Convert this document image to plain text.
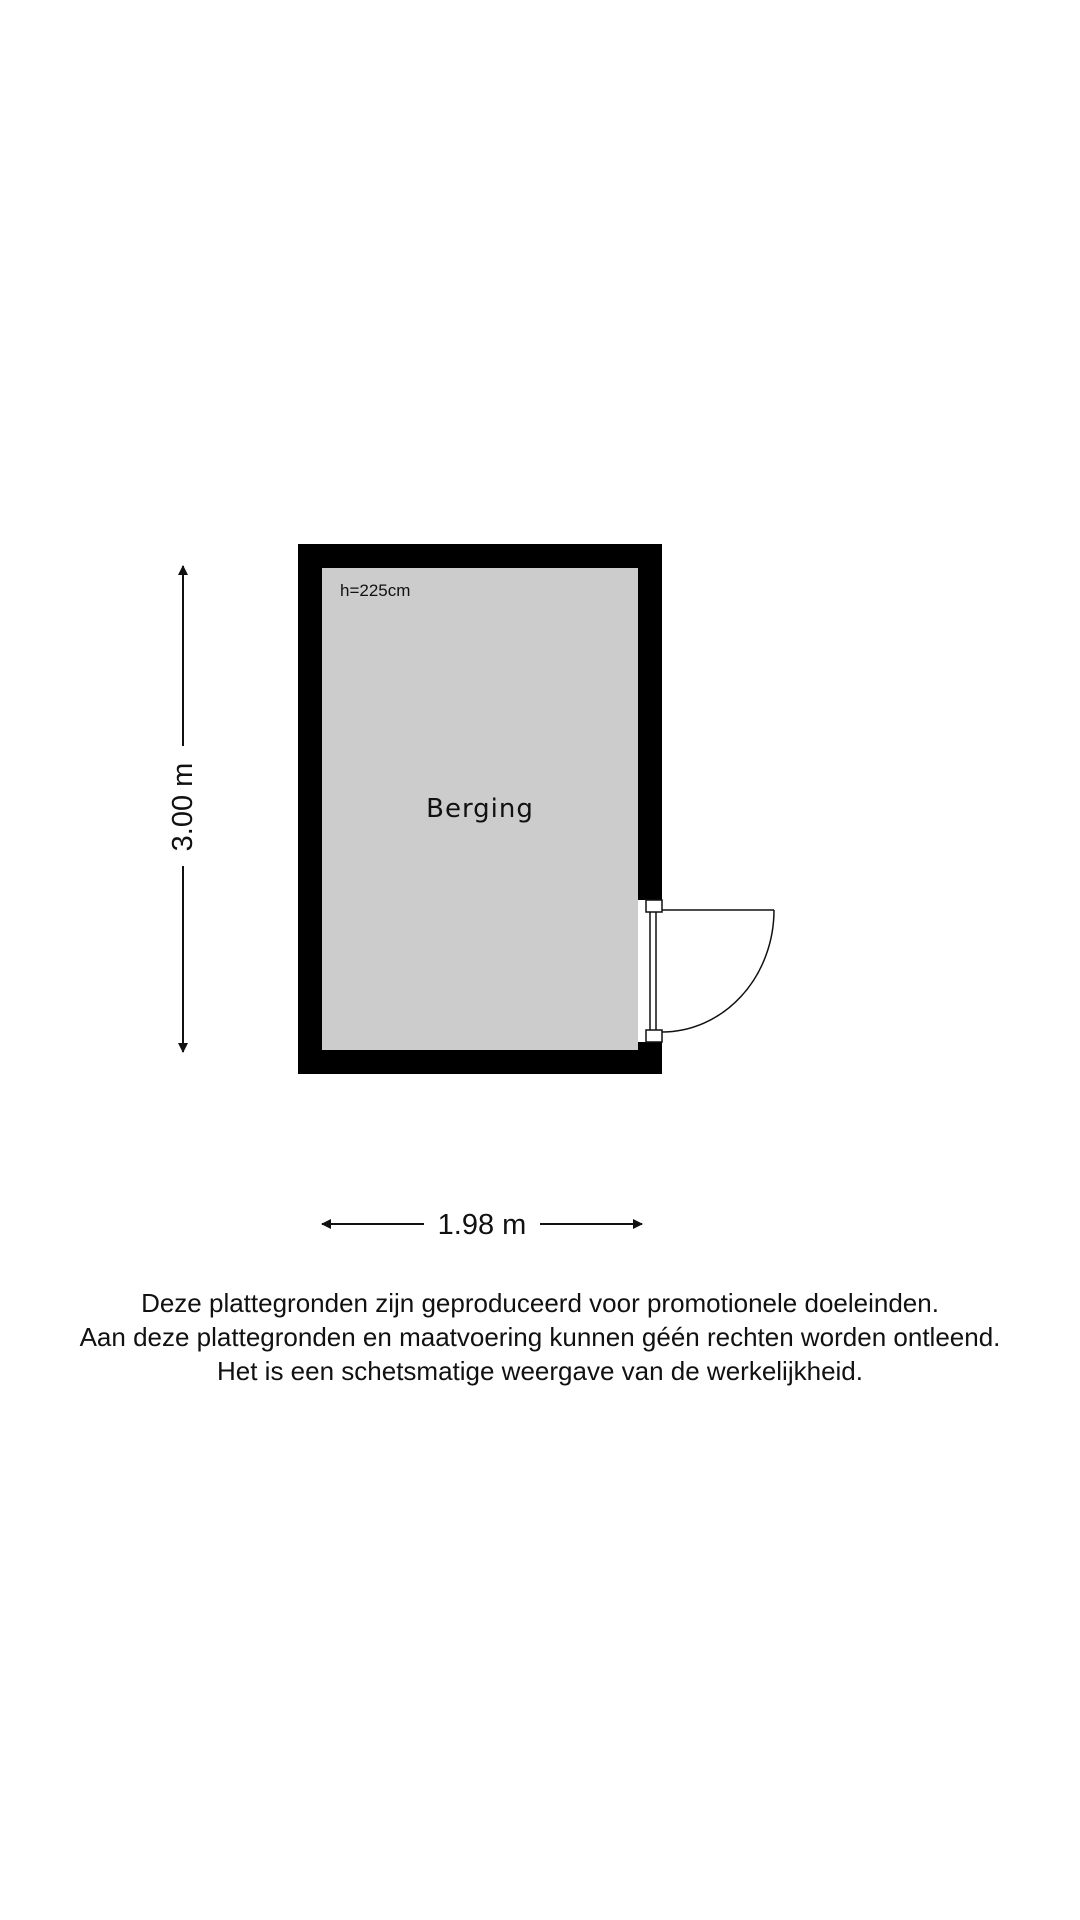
h=225cm
Berging
3.00 m
1.98 m
Deze plattegronden zijn geproduceerd voor promotionele doeleinden.
Aan deze plattegronden en maatvoering kunnen géén rechten worden ontleend.
Het is een schetsmatige weergave van de werkelijkheid.
